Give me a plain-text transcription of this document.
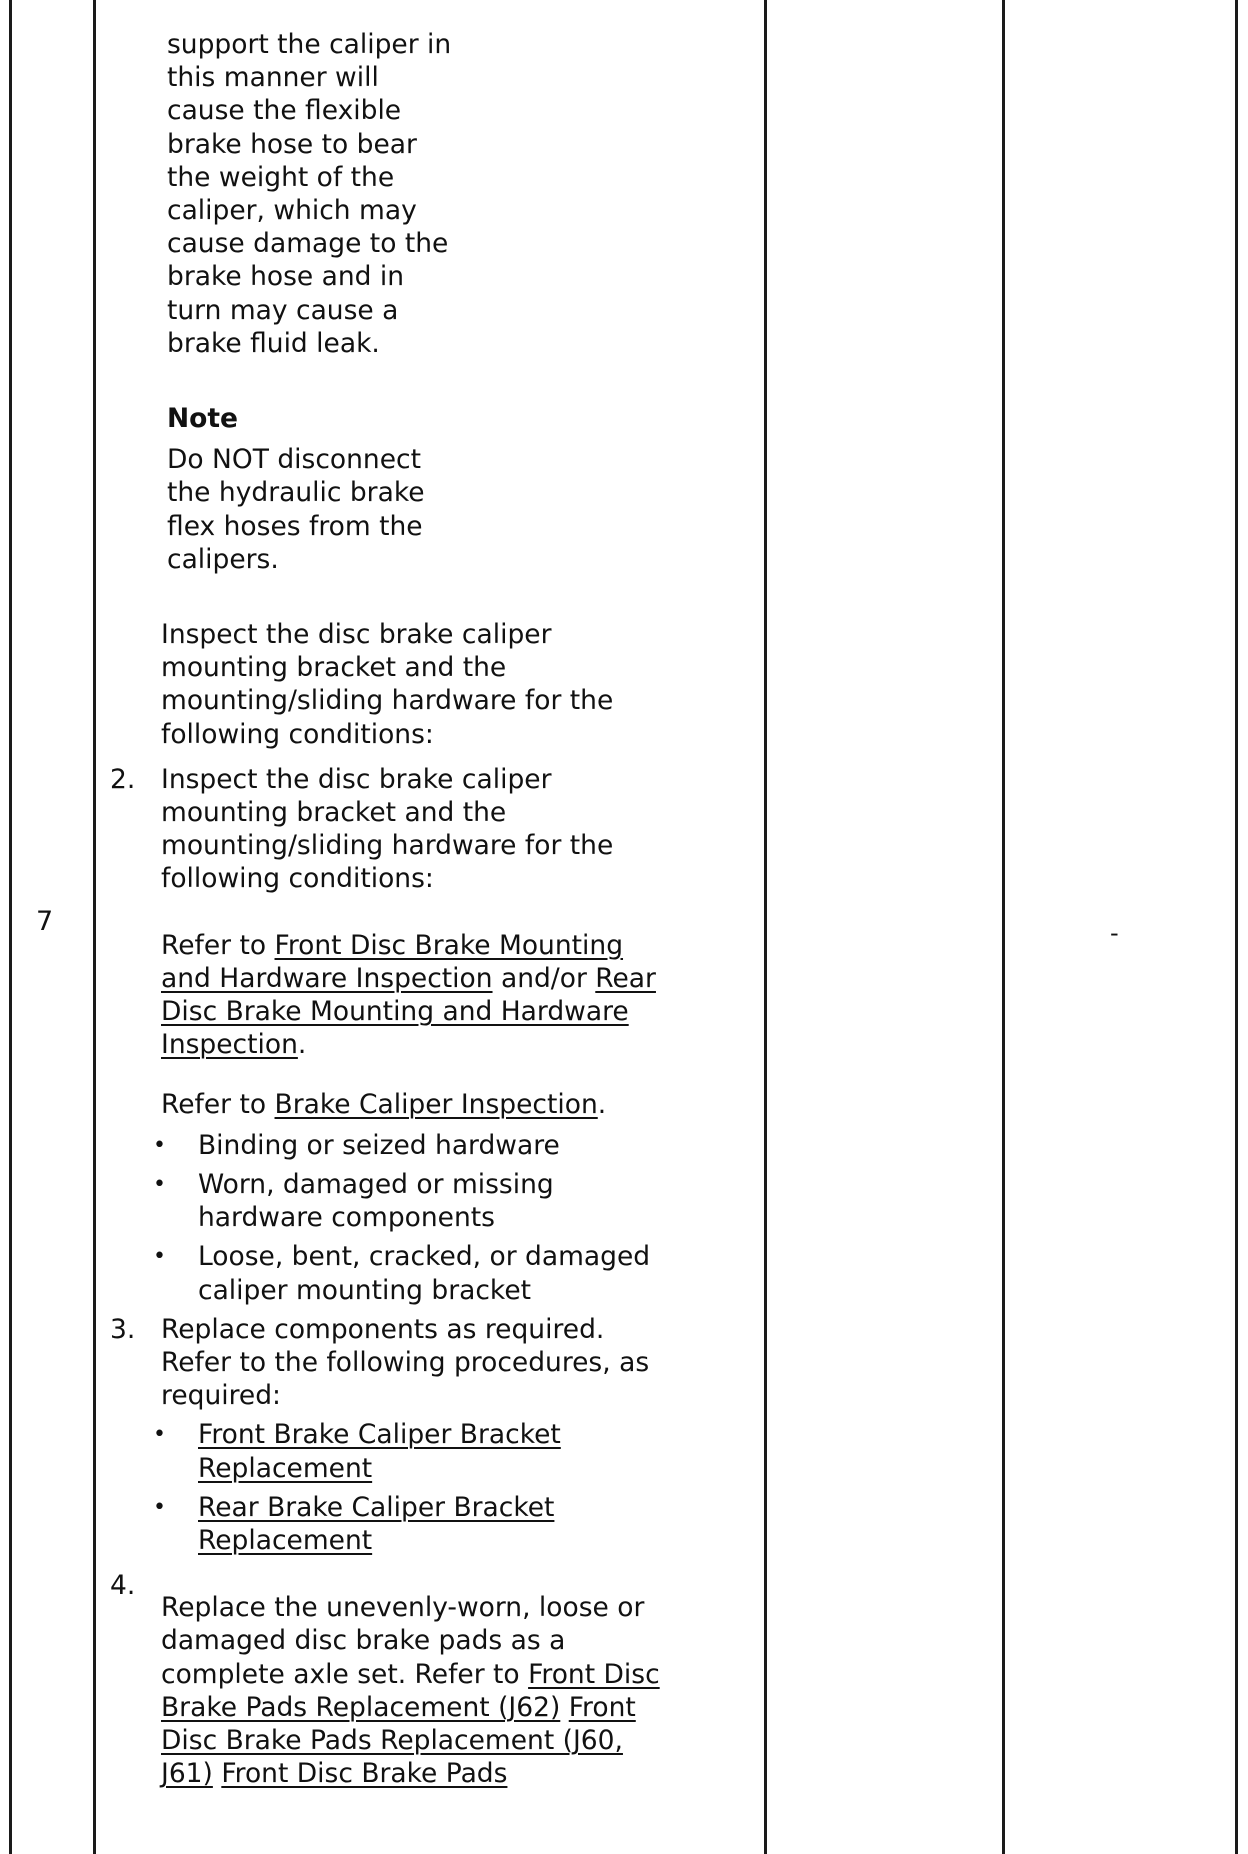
7	-

support the caliper in

this manner will

cause the flexible

brake hose to bear

the weight of the

caliper, which may

cause damage to the

brake hose and in

turn may cause a

brake fluid leak.

Note

Do NOT disconnect

the hydraulic brake

flex hoses from the

calipers.

Inspect the disc brake caliper

mounting bracket and the

mounting/sliding hardware for the

following conditions:

2. Inspect the disc brake caliper

mounting bracket and the

mounting/sliding hardware for the

following conditions:

Refer to Front Disc Brake Mounting

and Hardware Inspection and/or Rear

Disc Brake Mounting and Hardware

Inspection.

Refer to Brake Caliper Inspection.

• Binding or seized hardware

• Worn, damaged or missing

hardware components

• Loose, bent, cracked, or damaged

caliper mounting bracket

3. Replace components as required.

Refer to the following procedures, as

required:

• Front Brake Caliper Bracket

Replacement

• Rear Brake Caliper Bracket

Replacement

4.

Replace the unevenly-worn, loose or

damaged disc brake pads as a

complete axle set. Refer to Front Disc

Brake Pads Replacement (J62) Front

Disc Brake Pads Replacement (J60,

J61) Front Disc Brake Pads
